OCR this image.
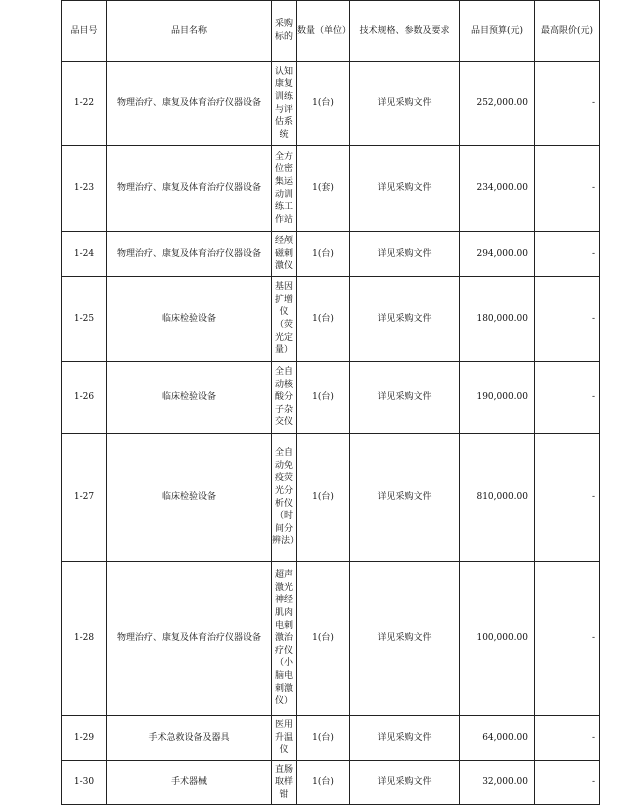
品目号	品目名称	采购标的	数量（单位）	技术规格、参数及要求	品目预算(元)	最高限价(元)
1-22	物理治疗、康复及体育治疗仪器设备	认知康复训练与评估系统	1(台)	详见采购文件	252,000.00	-
1-23	物理治疗、康复及体育治疗仪器设备	全方位密集运动训练工作站	1(套)	详见采购文件	234,000.00	-
1-24	物理治疗、康复及体育治疗仪器设备	经颅磁刺激仪	1(台)	详见采购文件	294,000.00	-
1-25	临床检验设备	基因扩增仪（荧光定量）	1(台)	详见采购文件	180,000.00	-
1-26	临床检验设备	全自动核酸分子杂交仪	1(台)	详见采购文件	190,000.00	-
1-27	临床检验设备	全自动免疫荧光分析仪（时间分辨法）	1(台)	详见采购文件	810,000.00	-
1-28	物理治疗、康复及体育治疗仪器设备	超声激光神经肌肉电刺激治疗仪（小脑电刺激仪）	1(台)	详见采购文件	100,000.00	-
1-29	手术急救设备及器具	医用升温仪	1(台)	详见采购文件	64,000.00	-
1-30	手术器械	直肠取样钳	1(台)	详见采购文件	32,000.00	-
